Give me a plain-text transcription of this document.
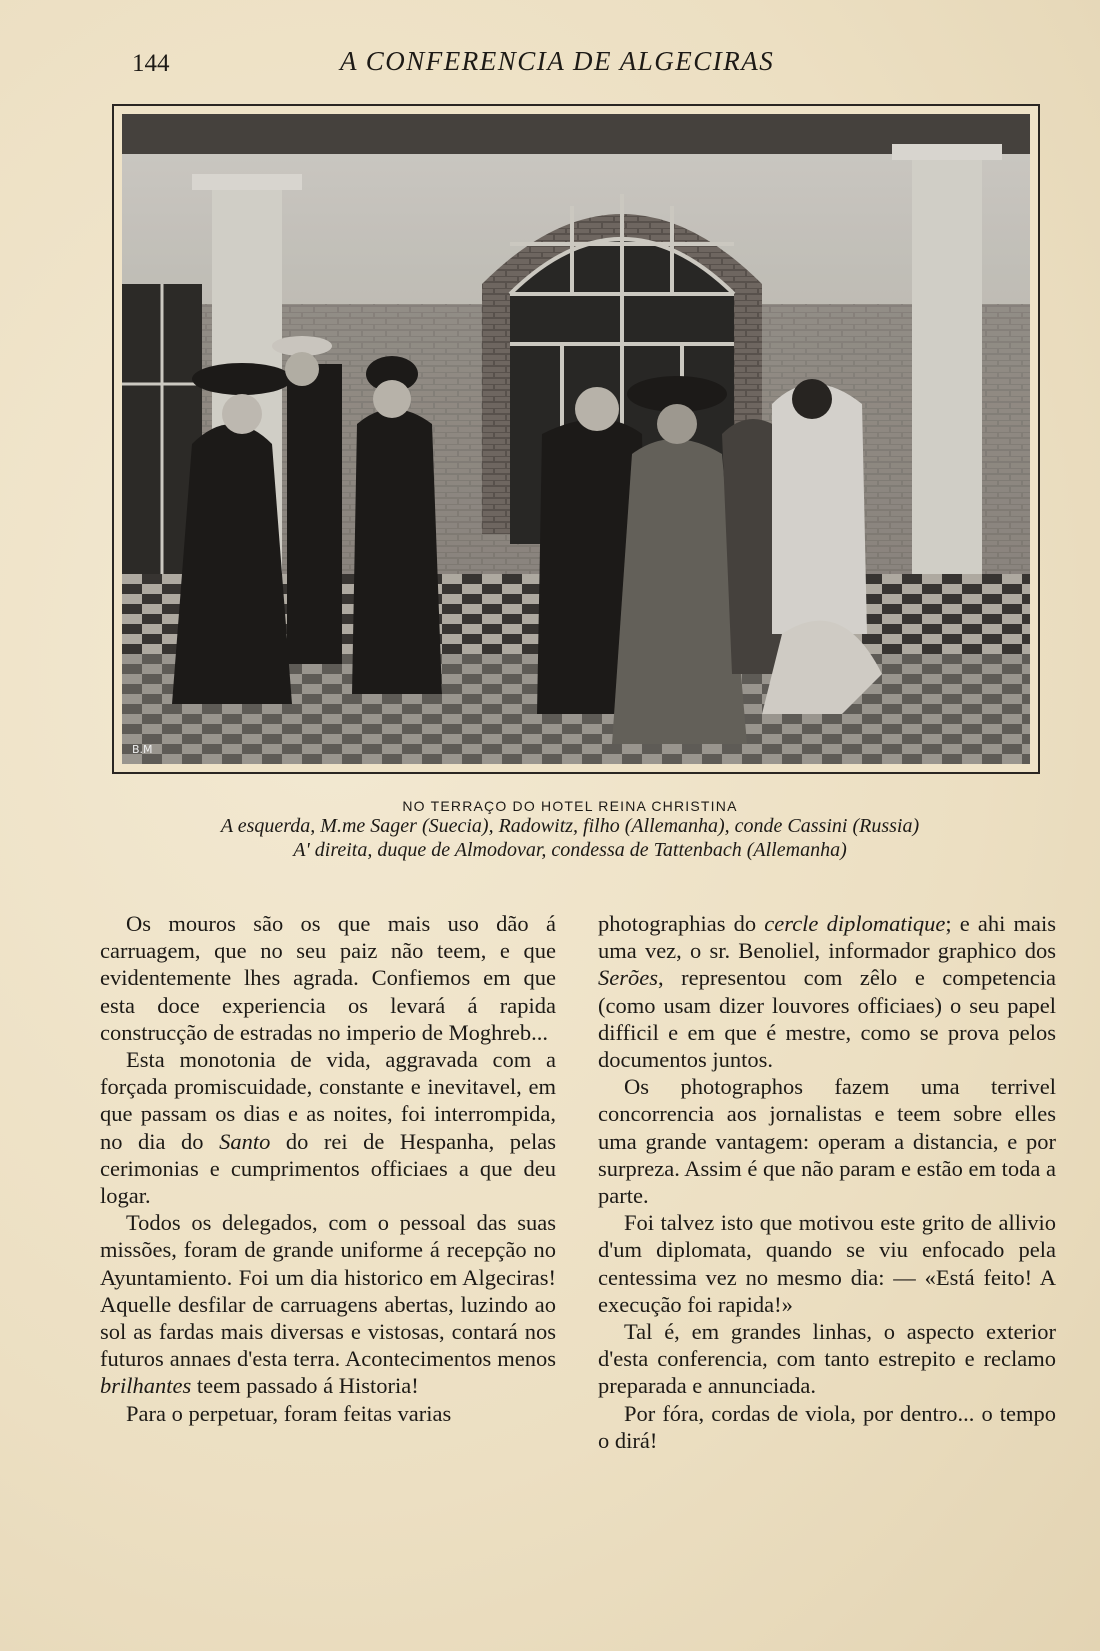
144	A CONFERENCIA DE ALGECIRAS
B.M
NO TERRAÇO DO HOTEL REINA CHRISTINA
A esquerda, M.me Sager (Suecia), Radowitz, filho (Allemanha), conde Cassini (Russia)
A' direita, duque de Almodovar, condessa de Tattenbach (Allemanha)

Os mouros são os que mais uso dão á carruagem, que no seu paiz não teem, e que evidentemente lhes agrada. Confiemos em que esta doce experiencia os levará á rapida construcção de estradas no imperio de Moghreb...

Esta monotonia de vida, aggravada com a forçada promiscuidade, constante e inevitavel, em que passam os dias e as noites, foi interrompida, no dia do Santo do rei de Hespanha, pelas cerimonias e cumprimentos officiaes a que deu logar.

Todos os delegados, com o pessoal das suas missões, foram de grande uniforme á recepção no Ayuntamiento. Foi um dia historico em Algeciras! Aquelle desfilar de carruagens abertas, luzindo ao sol as fardas mais diversas e vistosas, contará nos futuros annaes d'esta terra. Acontecimentos menos brilhantes teem passado á Historia!

Para o perpetuar, foram feitas varias

photographias do cercle diplomatique; e ahi mais uma vez, o sr. Benoliel, informador graphico dos Serões, representou com zêlo e competencia (como usam dizer louvores officiaes) o seu papel difficil e em que é mestre, como se prova pelos documentos juntos.

Os photographos fazem uma terrivel concorrencia aos jornalistas e teem sobre elles uma grande vantagem: operam a distancia, e por surpreza. Assim é que não param e estão em toda a parte.

Foi talvez isto que motivou este grito de allivio d'um diplomata, quando se viu enfocado pela centessima vez no mesmo dia: — «Está feito! A execução foi rapida!»

Tal é, em grandes linhas, o aspecto exterior d'esta conferencia, com tanto estrepito e reclamo preparada e annunciada.

Por fóra, cordas de viola, por dentro... o tempo o dirá!
